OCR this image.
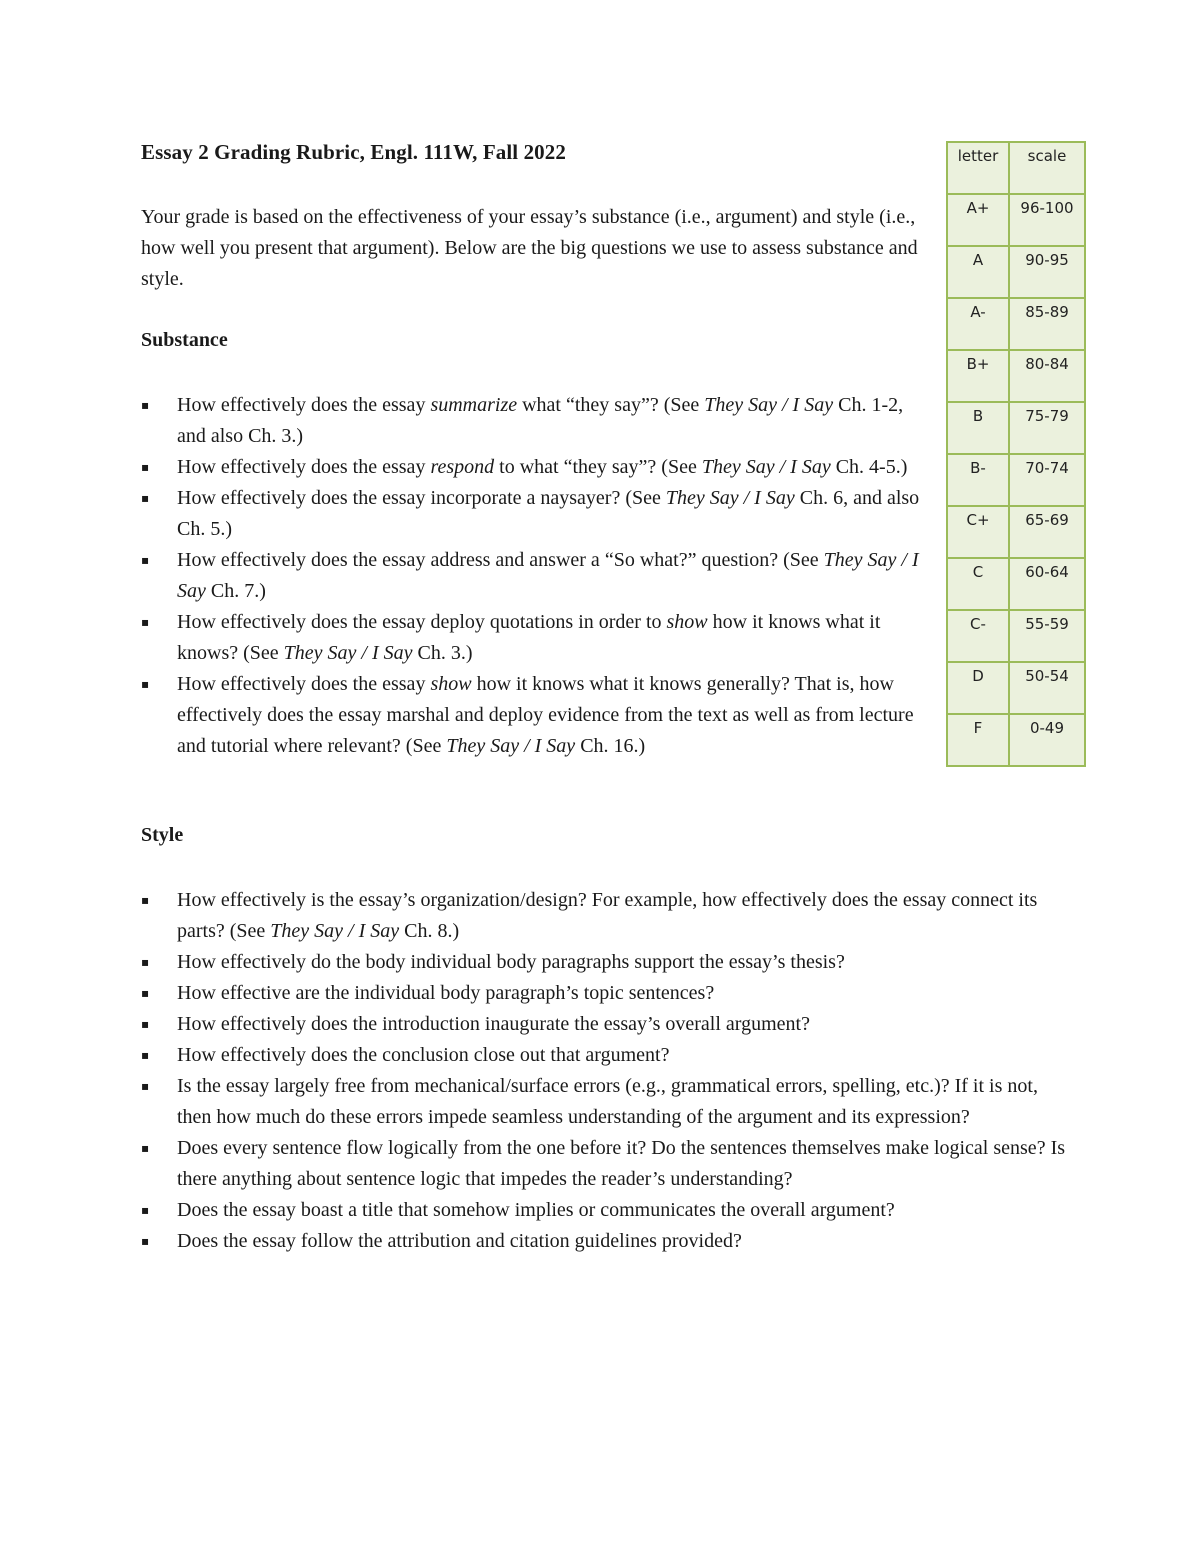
Essay 2 Grading Rubric, Engl. 111W, Fall 2022

Your grade is based on the effectiveness of your essay’s substance (i.e., argument) and style (i.e., how well you present that argument). Below are the big questions we use to assess substance and style.

Substance
▪ How effectively does the essay summarize what “they say”? (See They Say / I Say Ch. 1-2, and also Ch. 3.)
▪ How effectively does the essay respond to what “they say”? (See They Say / I Say Ch. 4-5.)
▪ How effectively does the essay incorporate a naysayer? (See They Say / I Say Ch. 6, and also Ch. 5.)
▪ How effectively does the essay address and answer a “So what?” question? (See They Say / I Say Ch. 7.)
▪ How effectively does the essay deploy quotations in order to show how it knows what it knows? (See They Say / I Say Ch. 3.)
▪ How effectively does the essay show how it knows what it knows generally? That is, how effectively does the essay marshal and deploy evidence from the text as well as from lecture and tutorial where relevant? (See They Say / I Say Ch. 16.)
Style
▪ How effectively is the essay’s organization/design? For example, how effectively does the essay connect its parts? (See They Say / I Say Ch. 8.)
▪ How effectively do the body individual body paragraphs support the essay’s thesis?
▪ How effective are the individual body paragraph’s topic sentences?
▪ How effectively does the introduction inaugurate the essay’s overall argument?
▪ How effectively does the conclusion close out that argument?
▪ Is the essay largely free from mechanical/surface errors (e.g., grammatical errors, spelling, etc.)? If it is not, then how much do these errors impede seamless understanding of the argument and its expression?
▪ Does every sentence flow logically from the one before it? Do the sentences themselves make logical sense? Is there anything about sentence logic that impedes the reader’s understanding?
▪ Does the essay boast a title that somehow implies or communicates the overall argument?
▪ Does the essay follow the attribution and citation guidelines provided?
letter	scale
A+	96-100
A	90-95
A-	85-89
B+	80-84
B	75-79
B-	70-74
C+	65-69
C	60-64
C-	55-59
D	50-54
F	0-49
